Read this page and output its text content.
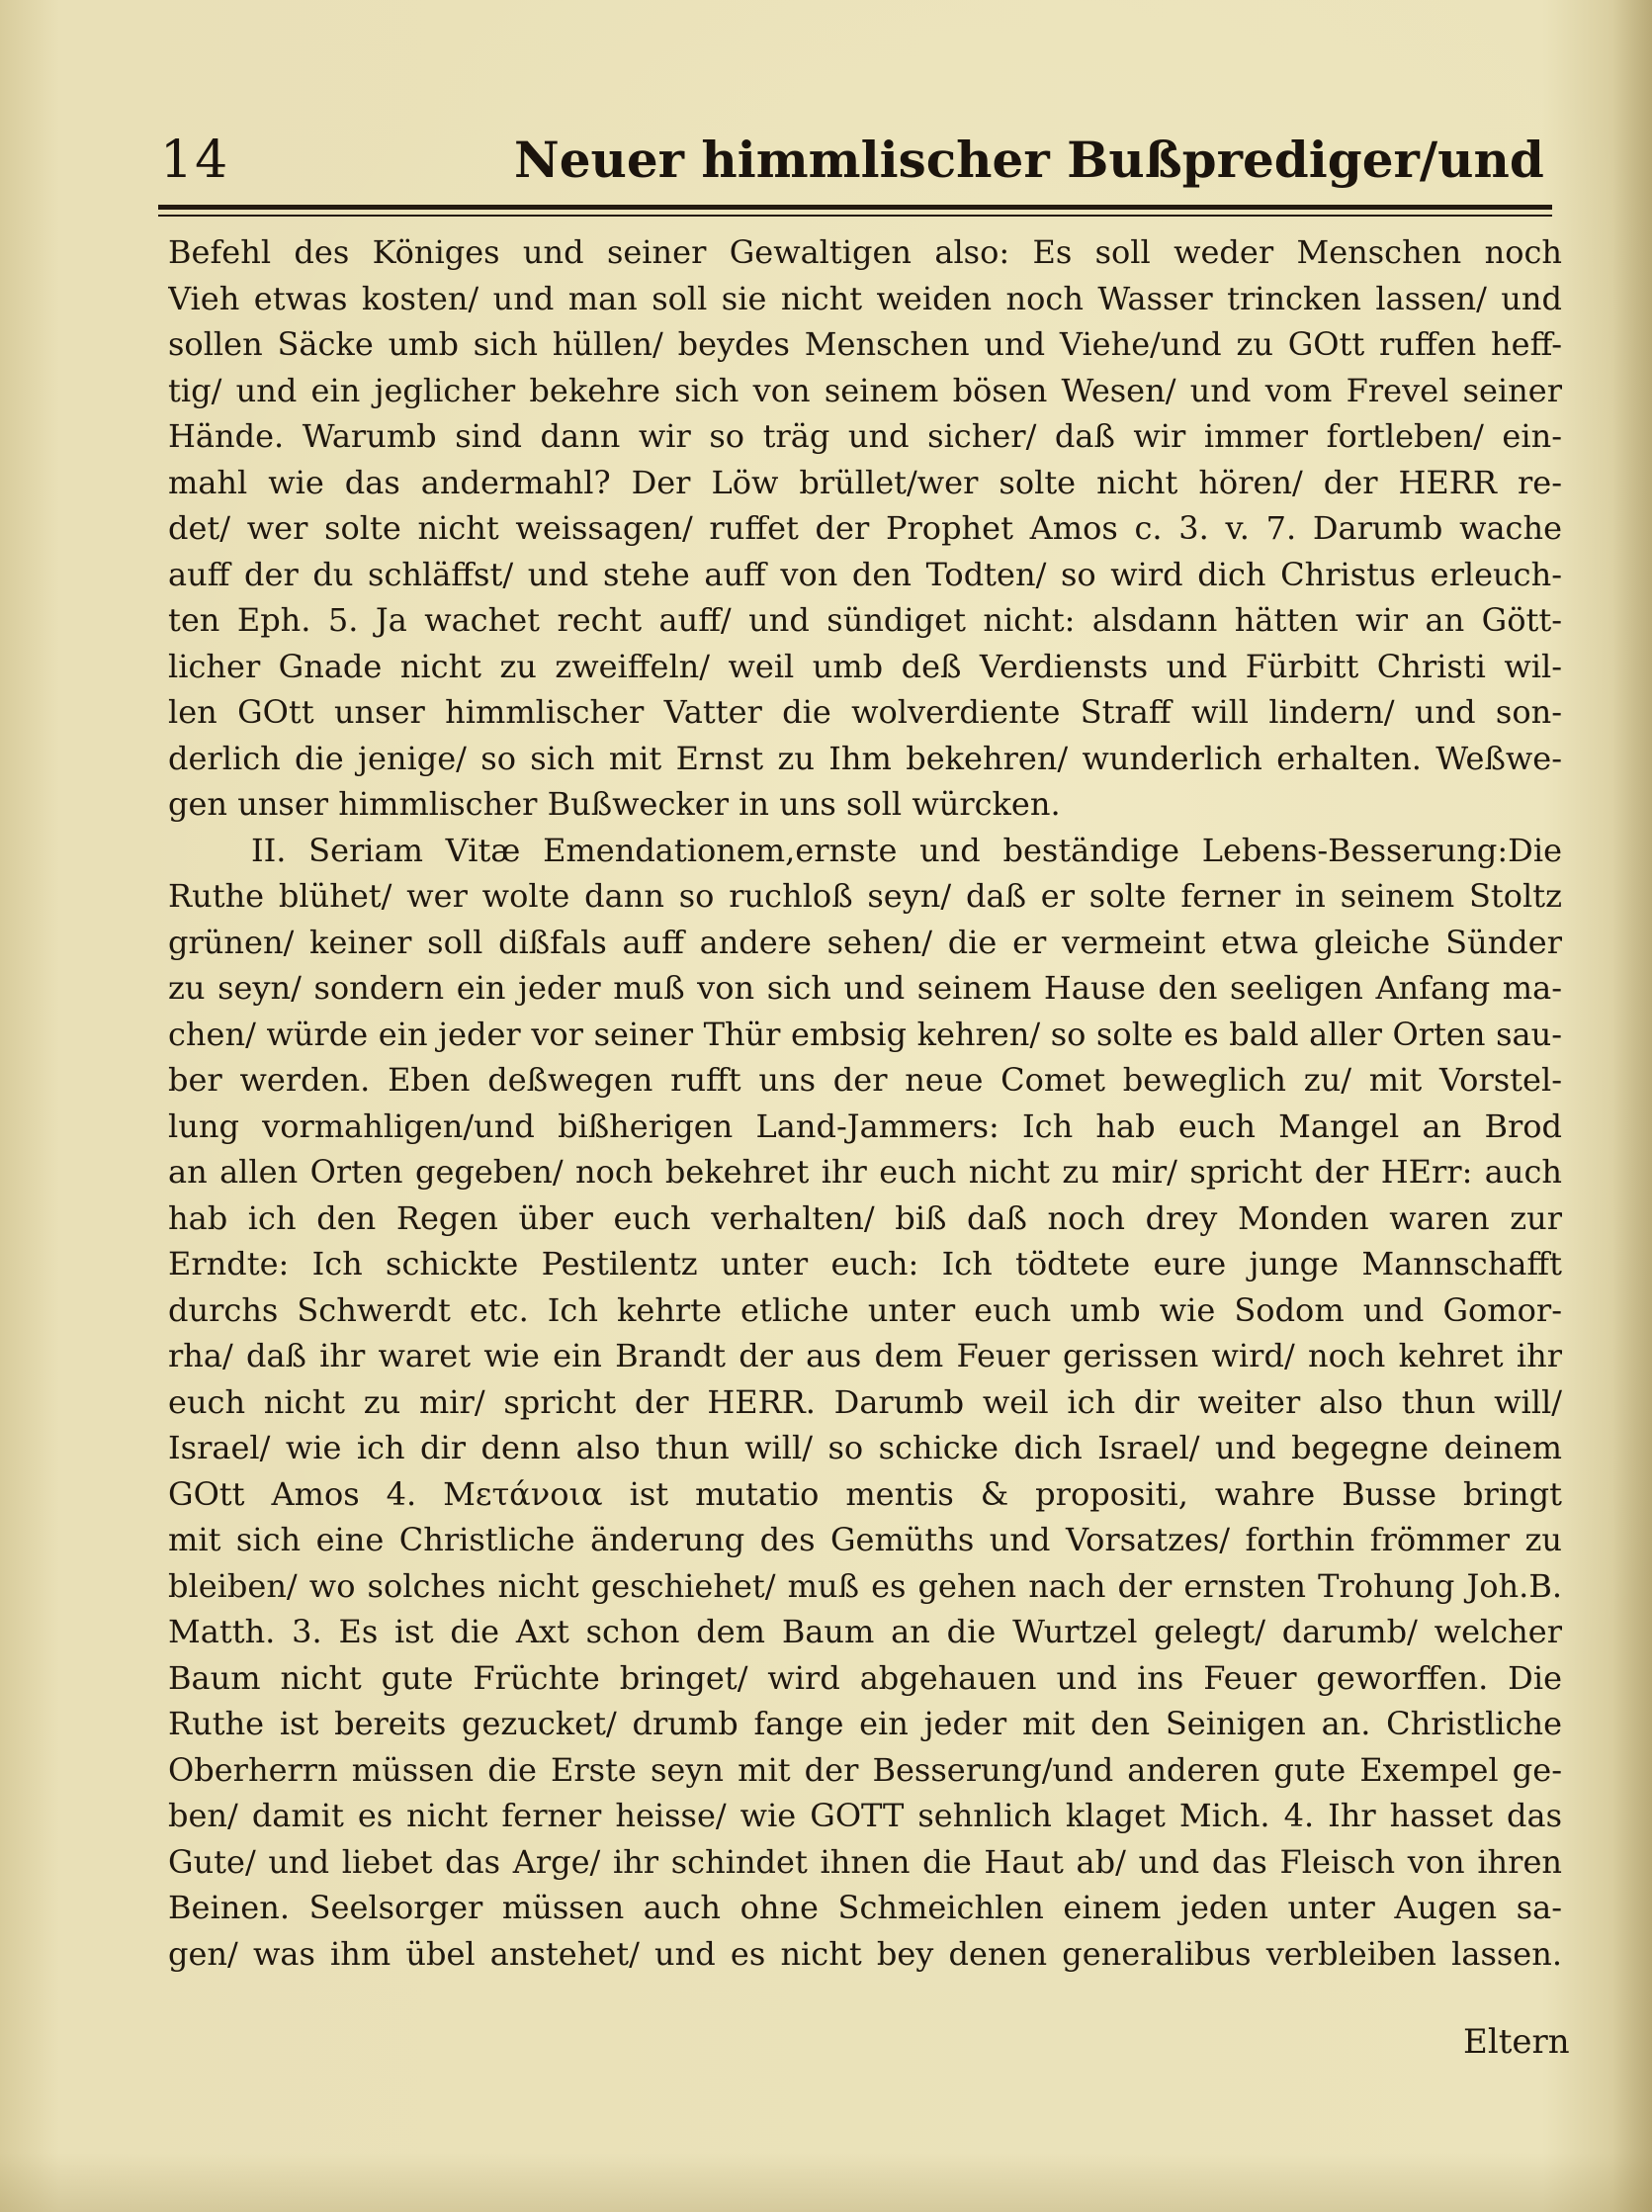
14	Neuer himmlischer Bußprediger/und
Befehl des Königes und seiner Gewaltigen also: Es soll weder Menschen noch
Vieh etwas kosten/ und man soll sie nicht weiden noch Wasser trincken lassen/ und
sollen Säcke umb sich hüllen/ beydes Menschen und Viehe/und zu GOtt ruffen heff-
tig/ und ein jeglicher bekehre sich von seinem bösen Wesen/ und vom Frevel seiner
Hände. Warumb sind dann wir so träg und sicher/ daß wir immer fortleben/ ein-
mahl wie das andermahl? Der Löw brüllet/wer solte nicht hören/ der HERR re-
det/ wer solte nicht weissagen/ ruffet der Prophet Amos c. 3. v. 7. Darumb wache
auff der du schläffst/ und stehe auff von den Todten/ so wird dich Christus erleuch-
ten Eph. 5. Ja wachet recht auff/ und sündiget nicht: alsdann hätten wir an Gött-
licher Gnade nicht zu zweiffeln/ weil umb deß Verdiensts und Fürbitt Christi wil-
len GOtt unser himmlischer Vatter die wolverdiente Straff will lindern/ und son-
derlich die jenige/ so sich mit Ernst zu Ihm bekehren/ wunderlich erhalten. Weßwe-
gen unser himmlischer Bußwecker in uns soll würcken.
II. Seriam Vitæ Emendationem,ernste und beständige Lebens-Besserung:Die
Ruthe blühet/ wer wolte dann so ruchloß seyn/ daß er solte ferner in seinem Stoltz
grünen/ keiner soll dißfals auff andere sehen/ die er vermeint etwa gleiche Sünder
zu seyn/ sondern ein jeder muß von sich und seinem Hause den seeligen Anfang ma-
chen/ würde ein jeder vor seiner Thür embsig kehren/ so solte es bald aller Orten sau-
ber werden. Eben deßwegen rufft uns der neue Comet beweglich zu/ mit Vorstel-
lung vormahligen/und bißherigen Land-Jammers: Ich hab euch Mangel an Brod
an allen Orten gegeben/ noch bekehret ihr euch nicht zu mir/ spricht der HErr: auch
hab ich den Regen über euch verhalten/ biß daß noch drey Monden waren zur
Erndte: Ich schickte Pestilentz unter euch: Ich tödtete eure junge Mannschafft
durchs Schwerdt etc. Ich kehrte etliche unter euch umb wie Sodom und Gomor-
rha/ daß ihr waret wie ein Brandt der aus dem Feuer gerissen wird/ noch kehret ihr
euch nicht zu mir/ spricht der HERR. Darumb weil ich dir weiter also thun will/
Israel/ wie ich dir denn also thun will/ so schicke dich Israel/ und begegne deinem
GOtt Amos 4. Μετάνοια ist mutatio mentis & propositi, wahre Busse bringt
mit sich eine Christliche änderung des Gemüths und Vorsatzes/ forthin frömmer zu
bleiben/ wo solches nicht geschiehet/ muß es gehen nach der ernsten Trohung Joh.B.
Matth. 3. Es ist die Axt schon dem Baum an die Wurtzel gelegt/ darumb/ welcher
Baum nicht gute Früchte bringet/ wird abgehauen und ins Feuer geworffen. Die
Ruthe ist bereits gezucket/ drumb fange ein jeder mit den Seinigen an. Christliche
Oberherrn müssen die Erste seyn mit der Besserung/und anderen gute Exempel ge-
ben/ damit es nicht ferner heisse/ wie GOTT sehnlich klaget Mich. 4. Ihr hasset das
Gute/ und liebet das Arge/ ihr schindet ihnen die Haut ab/ und das Fleisch von ihren
Beinen. Seelsorger müssen auch ohne Schmeichlen einem jeden unter Augen sa-
gen/ was ihm übel anstehet/ und es nicht bey denen generalibus verbleiben lassen.
Eltern
